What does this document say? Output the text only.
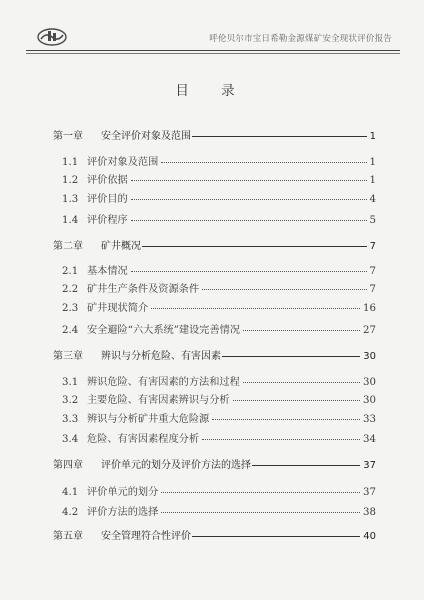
呼伦贝尔市宝日希勒金源煤矿安全现状评价报告
目 录
第一章	安全评价对象及范围	1
1.1 评价对象及范围	1
1.2 评价依据	1
1.3 评价目的	4
1.4 评价程序	5
第二章	矿井概况	7
2.1 基本情况	7
2.2 矿井生产条件及资源条件	7
2.3 矿井现状简介	16
2.4 安全避险“六大系统”建设完善情况	27
第三章	辨识与分析危险、有害因素	30
3.1 辨识危险、有害因素的方法和过程	30
3.2 主要危险、有害因素辨识与分析	30
3.3 辨识与分析矿井重大危险源	33
3.4 危险、有害因素程度分析	34
第四章	评价单元的划分及评价方法的选择	37
4.1 评价单元的划分	37
4.2 评价方法的选择	38
第五章	安全管理符合性评价	40
